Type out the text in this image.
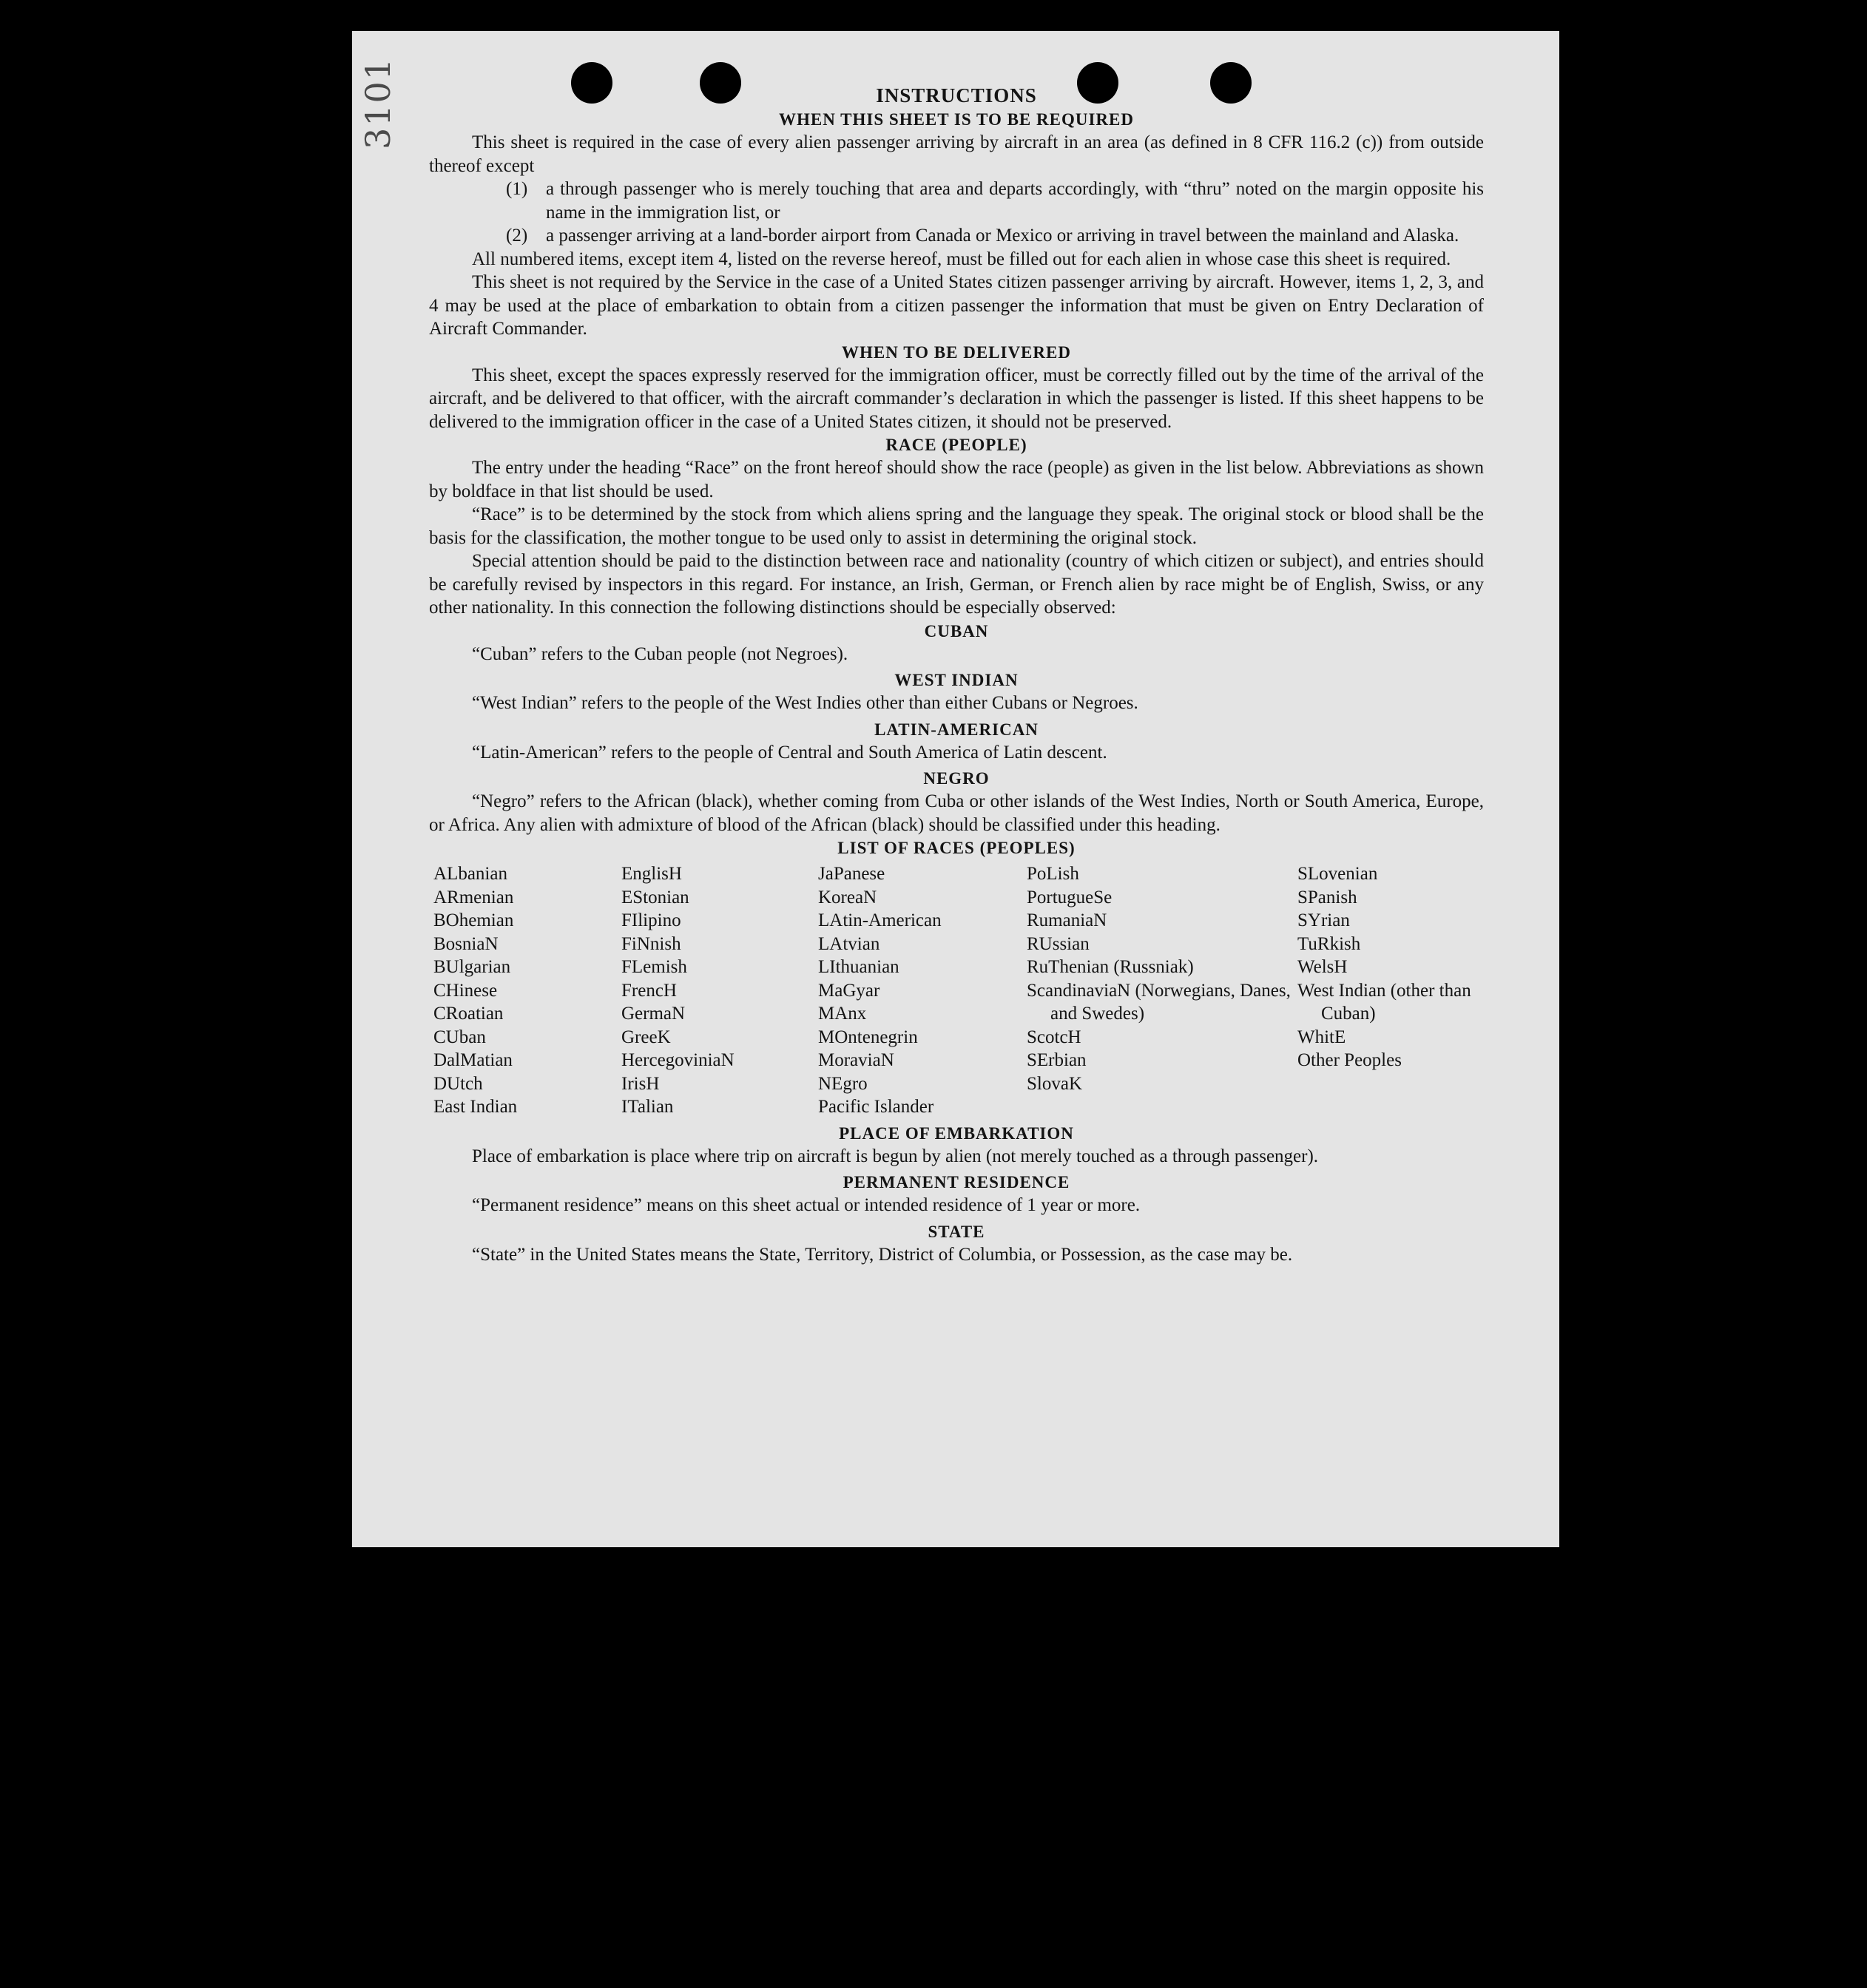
3101	INSTRUCTIONS
WHEN THIS SHEET IS TO BE REQUIRED

This sheet is required in the case of every alien passenger arriving by aircraft in an area (as defined in 8 CFR 116.2 (c)) from outside thereof except

(1) a through passenger who is merely touching that area and departs accordingly, with “thru” noted on the margin opposite his name in the immigration list, or
(2) a passenger arriving at a land-border airport from Canada or Mexico or arriving in travel between the mainland and Alaska.

All numbered items, except item 4, listed on the reverse hereof, must be filled out for each alien in whose case this sheet is required.

This sheet is not required by the Service in the case of a United States citizen passenger arriving by aircraft. However, items 1, 2, 3, and 4 may be used at the place of embarkation to obtain from a citizen passenger the information that must be given on Entry Declaration of Aircraft Commander.

WHEN TO BE DELIVERED

This sheet, except the spaces expressly reserved for the immigration officer, must be correctly filled out by the time of the arrival of the aircraft, and be delivered to that officer, with the aircraft commander’s declaration in which the passenger is listed. If this sheet happens to be delivered to the immigration officer in the case of a United States citizen, it should not be preserved.

RACE (PEOPLE)

The entry under the heading “Race” on the front hereof should show the race (people) as given in the list below. Abbreviations as shown by boldface in that list should be used.

“Race” is to be determined by the stock from which aliens spring and the language they speak. The original stock or blood shall be the basis for the classification, the mother tongue to be used only to assist in determining the original stock.

Special attention should be paid to the distinction between race and nationality (country of which citizen or subject), and entries should be carefully revised by inspectors in this regard. For instance, an Irish, German, or French alien by race might be of English, Swiss, or any other nationality. In this connection the following distinctions should be especially observed:

CUBAN

“Cuban” refers to the Cuban people (not Negroes).

WEST INDIAN

“West Indian” refers to the people of the West Indies other than either Cubans or Negroes.

LATIN-AMERICAN

“Latin-American” refers to the people of Central and South America of Latin descent.

NEGRO

“Negro” refers to the African (black), whether coming from Cuba or other islands of the West Indies, North or South America, Europe, or Africa. Any alien with admixture of blood of the African (black) should be classified under this heading.

LIST OF RACES (PEOPLES)
ALbanian
ARmenian
BOhemian
BosniaN
BUlgarian
CHinese
CRoatian
CUban
DalMatian
DUtch
East Indian
EnglisH
EStonian
FIlipino
FiNnish
FLemish
FrencH
GermaN
GreeK
HercegoviniaN
IrisH
ITalian
JaPanese
KoreaN
LAtin-American
LAtvian
LIthuanian
MaGyar
MAnx
MOntenegrin
MoraviaN
NEgro
Pacific Islander
PoLish
PortugueSe
RumaniaN
RUssian
RuThenian (Russniak)
ScandinaviaN (Norwegians, Danes, and Swedes)
ScotcH
SErbian
SlovaK
SLovenian
SPanish
SYrian
TuRkish
WelsH
West Indian (other than Cuban)
WhitE
Other Peoples
PLACE OF EMBARKATION

Place of embarkation is place where trip on aircraft is begun by alien (not merely touched as a through passenger).

PERMANENT RESIDENCE

“Permanent residence” means on this sheet actual or intended residence of 1 year or more.

STATE

“State” in the United States means the State, Territory, District of Columbia, or Possession, as the case may be.
